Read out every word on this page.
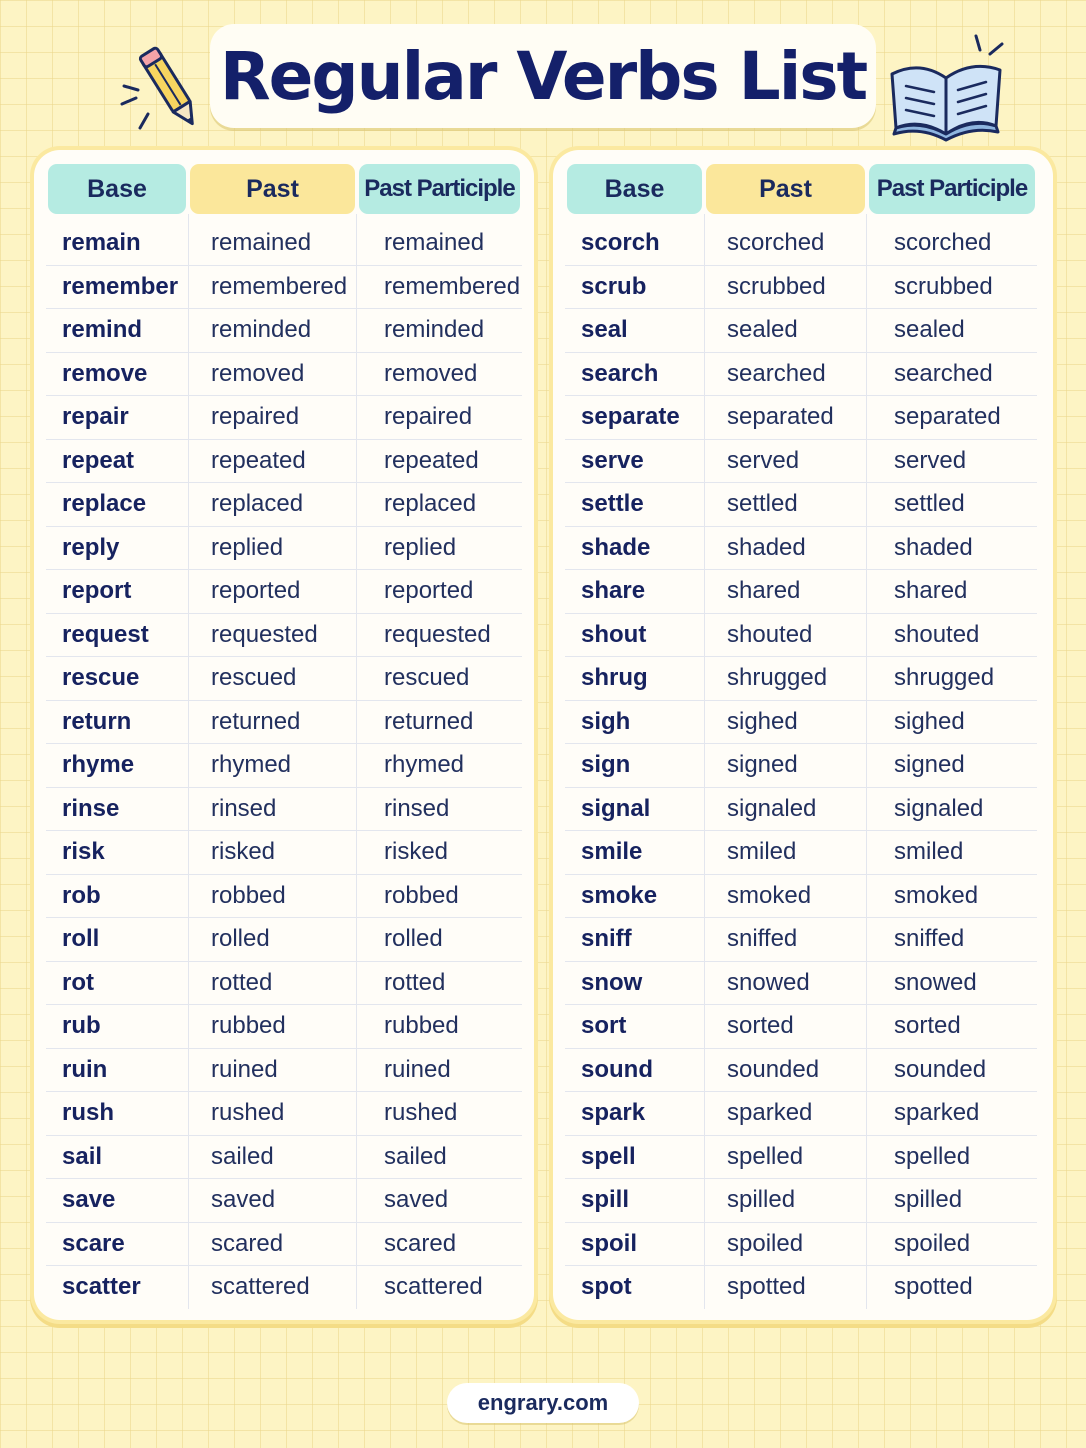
Regular Verbs List
Base	Past	Past Participle

remain	remained	remained
remember	remembered	remembered
remind	reminded	reminded
remove	removed	removed
repair	repaired	repaired
repeat	repeated	repeated
replace	replaced	replaced
reply	replied	replied
report	reported	reported
request	requested	requested
rescue	rescued	rescued
return	returned	returned
rhyme	rhymed	rhymed
rinse	rinsed	rinsed
risk	risked	risked
rob	robbed	robbed
roll	rolled	rolled
rot	rotted	rotted
rub	rubbed	rubbed
ruin	ruined	ruined
rush	rushed	rushed
sail	sailed	sailed
save	saved	saved
scare	scared	scared
scatter	scattered	scattered
Base	Past	Past Participle

scorch	scorched	scorched
scrub	scrubbed	scrubbed
seal	sealed	sealed
search	searched	searched
separate	separated	separated
serve	served	served
settle	settled	settled
shade	shaded	shaded
share	shared	shared
shout	shouted	shouted
shrug	shrugged	shrugged
sigh	sighed	sighed
sign	signed	signed
signal	signaled	signaled
smile	smiled	smiled
smoke	smoked	smoked
sniff	sniffed	sniffed
snow	snowed	snowed
sort	sorted	sorted
sound	sounded	sounded
spark	sparked	sparked
spell	spelled	spelled
spill	spilled	spilled
spoil	spoiled	spoiled
spot	spotted	spotted
engrary.com
